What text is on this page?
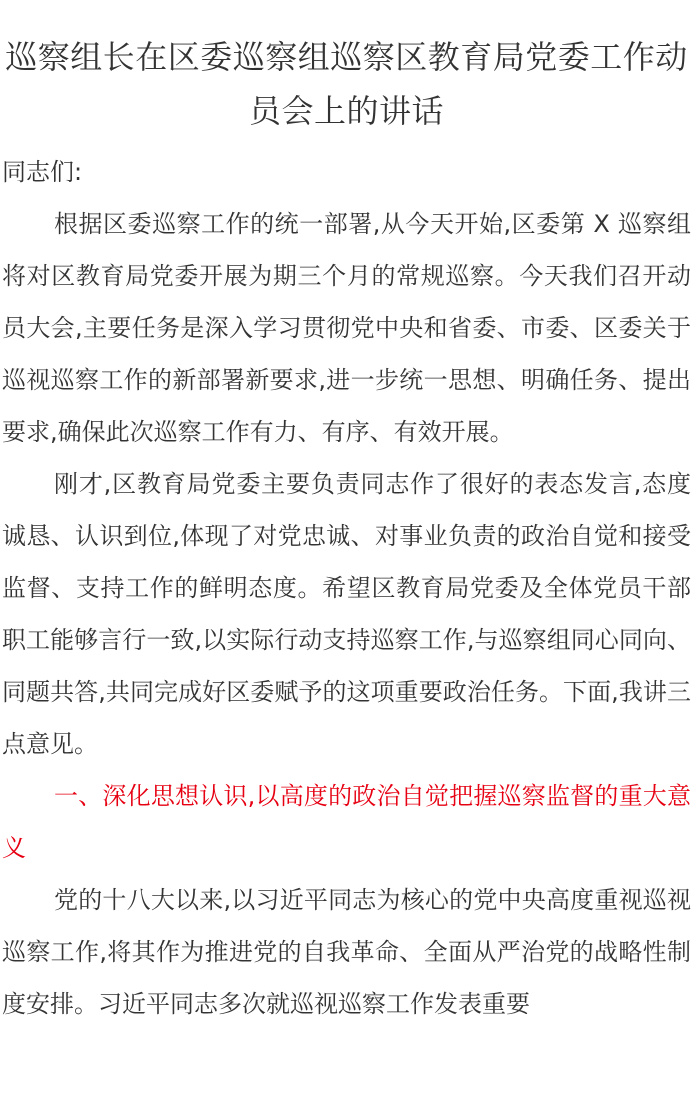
巡察组长在区委巡察组巡察区教育局党委工作动员会上的讲话

同志们:

根据区委巡察工作的统一部署,从今天开始,区委第 X 巡察组将对区教育局党委开展为期三个月的常规巡察。今天我们召开动员大会,主要任务是深入学习贯彻党中央和省委、市委、区委关于巡视巡察工作的新部署新要求,进一步统一思想、明确任务、提出要求,确保此次巡察工作有力、有序、有效开展。

刚才,区教育局党委主要负责同志作了很好的表态发言,态度诚恳、认识到位,体现了对党忠诚、对事业负责的政治自觉和接受监督、支持工作的鲜明态度。希望区教育局党委及全体党员干部职工能够言行一致,以实际行动支持巡察工作,与巡察组同心同向、同题共答,共同完成好区委赋予的这项重要政治任务。下面,我讲三点意见。

一、深化思想认识,以高度的政治自觉把握巡察监督的重大意义

党的十八大以来,以习近平同志为核心的党中央高度重视巡视巡察工作,将其作为推进党的自我革命、全面从严治党的战略性制度安排。习近平同志多次就巡视巡察工作发表重要
